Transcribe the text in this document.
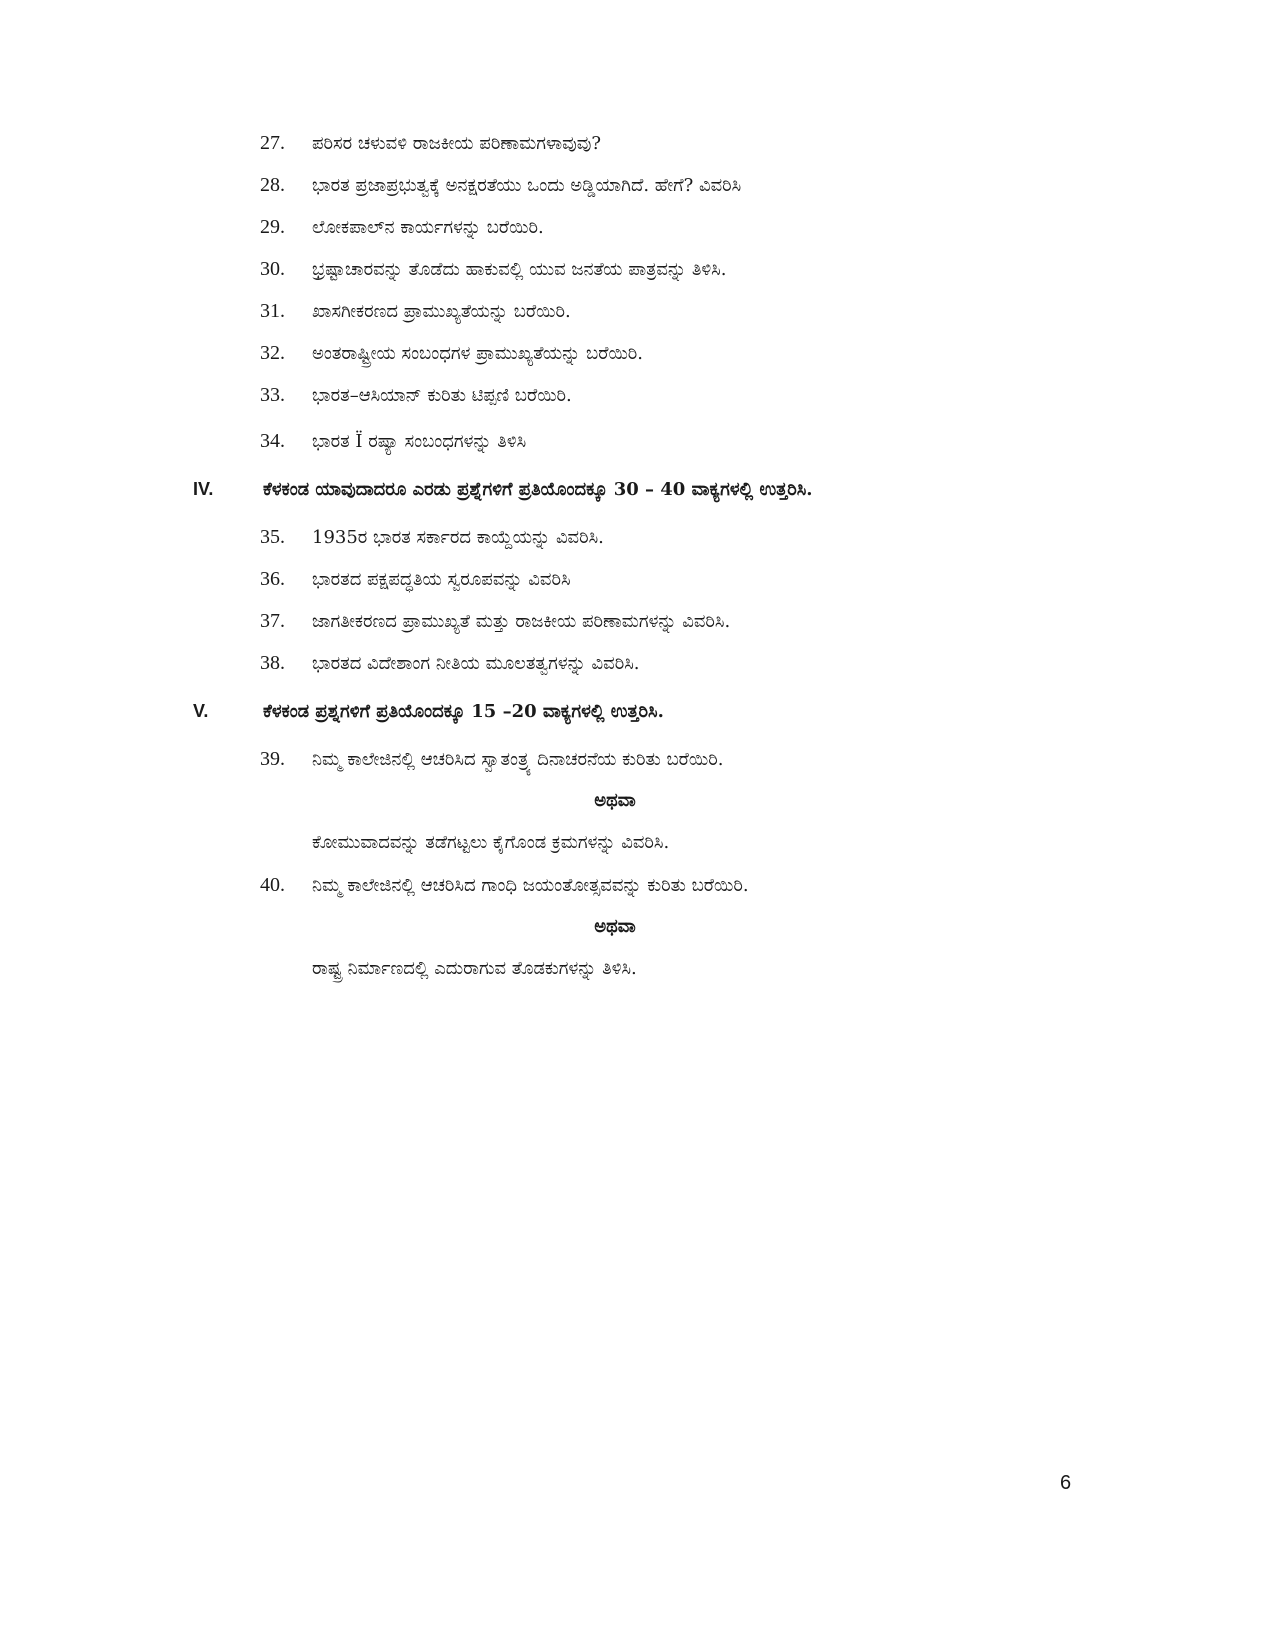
27. ಪರಿಸರ ಚಳುವಳಿ ರಾಜಕೀಯ ಪರಿಣಾಮಗಳಾವುವು?
28. ಭಾರತ ಪ್ರಜಾಪ್ರಭುತ್ವಕ್ಕೆ ಅನಕ್ಷರತೆಯು ಒಂದು ಅಡ್ಡಿಯಾಗಿದೆ. ಹೇಗೆ? ವಿವರಿಸಿ
29. ಲೋಕಪಾಲ್‌ನ ಕಾರ್ಯಗಳನ್ನು ಬರೆಯಿರಿ.
30. ಭ್ರಷ್ಟಾಚಾರವನ್ನು ತೊಡೆದು ಹಾಕುವಲ್ಲಿ ಯುವ ಜನತೆಯ ಪಾತ್ರವನ್ನು ತಿಳಿಸಿ.
31. ಖಾಸಗೀಕರಣದ ಪ್ರಾಮುಖ್ಯತೆಯನ್ನು ಬರೆಯಿರಿ.
32. ಅಂತರಾಷ್ಟ್ರೀಯ ಸಂಬಂಧಗಳ ಪ್ರಾಮುಖ್ಯತೆಯನ್ನು ಬರೆಯಿರಿ.
33. ಭಾರತ–ಆಸಿಯಾನ್ ಕುರಿತು ಟಿಪ್ಪಣಿ ಬರೆಯಿರಿ.
34. ಭಾರತ Ï ರಷ್ಯಾ ಸಂಬಂಧಗಳನ್ನು ತಿಳಿಸಿ
IV.	ಕೆಳಕಂಡ ಯಾವುದಾದರೂ ಎರಡು ಪ್ರಶ್ನೆಗಳಿಗೆ ಪ್ರತಿಯೊಂದಕ್ಕೂ 30 – 40 ವಾಕ್ಯಗಳಲ್ಲಿ ಉತ್ತರಿಸಿ.
35. 1935ರ ಭಾರತ ಸರ್ಕಾರದ ಕಾಯ್ದೆಯನ್ನು ವಿವರಿಸಿ.
36. ಭಾರತದ ಪಕ್ಷಪದ್ಧತಿಯ ಸ್ವರೂಪವನ್ನು ವಿವರಿಸಿ
37. ಜಾಗತೀಕರಣದ ಪ್ರಾಮುಖ್ಯತೆ ಮತ್ತು ರಾಜಕೀಯ ಪರಿಣಾಮಗಳನ್ನು ವಿವರಿಸಿ.
38. ಭಾರತದ ವಿದೇಶಾಂಗ ನೀತಿಯ ಮೂಲತತ್ವಗಳನ್ನು ವಿವರಿಸಿ.
V.	ಕೆಳಕಂಡ ಪ್ರಶ್ನಗಳಿಗೆ ಪ್ರತಿಯೊಂದಕ್ಕೂ 15 –20 ವಾಕ್ಯಗಳಲ್ಲಿ ಉತ್ತರಿಸಿ.
39. ನಿಮ್ಮ ಕಾಲೇಜಿನಲ್ಲಿ ಆಚರಿಸಿದ ಸ್ವಾತಂತ್ರ್ಯ ದಿನಾಚರನೆಯ ಕುರಿತು ಬರೆಯಿರಿ.
ಅಥವಾ
ಕೋಮುವಾದವನ್ನು ತಡೆಗಟ್ಟಲು ಕೈಗೊಂಡ ಕ್ರಮಗಳನ್ನು ವಿವರಿಸಿ.
40. ನಿಮ್ಮ ಕಾಲೇಜಿನಲ್ಲಿ ಆಚರಿಸಿದ ಗಾಂಧಿ ಜಯಂತೋತ್ಸವವನ್ನು ಕುರಿತು ಬರೆಯಿರಿ.
ಅಥವಾ
ರಾಷ್ಟ್ರ ನಿರ್ಮಾಣದಲ್ಲಿ ಎದುರಾಗುವ ತೊಡಕುಗಳನ್ನು ತಿಳಿಸಿ.
6
